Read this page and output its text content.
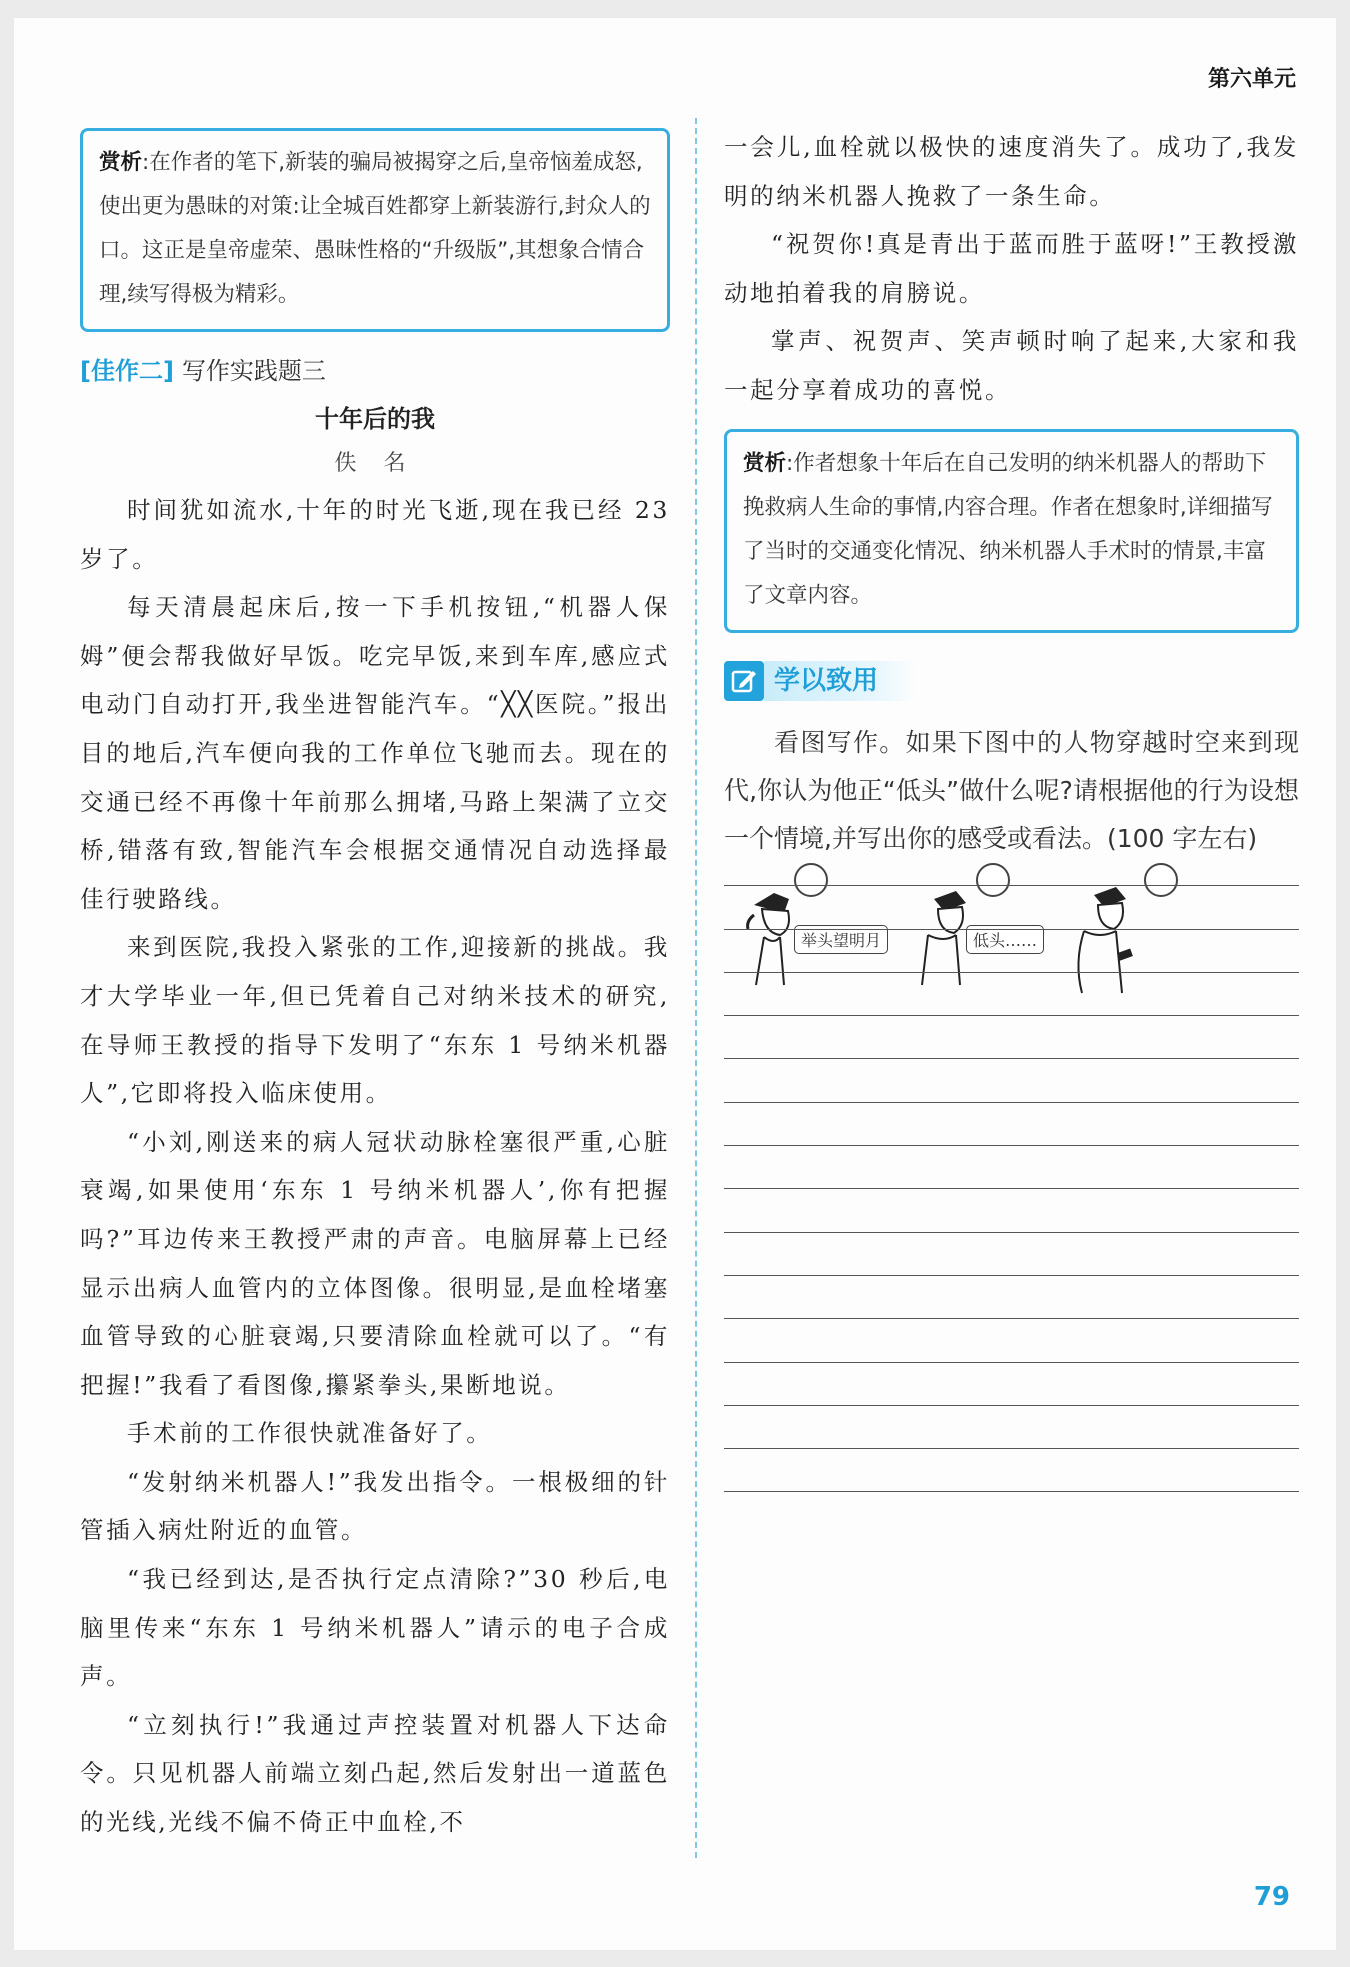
第六单元
赏析:在作者的笔下,新装的骗局被揭穿之后,皇帝恼羞成怒,使出更为愚昧的对策:让全城百姓都穿上新装游行,封众人的口。这正是皇帝虚荣、愚昧性格的“升级版”,其想象合情合理,续写得极为精彩。
[佳作二] 写作实践题三
十年后的我
佚 名

时间犹如流水,十年的时光飞逝,现在我已经 23 岁了。

每天清晨起床后,按一下手机按钮,“机器人保姆”便会帮我做好早饭。吃完早饭,来到车库,感应式电动门自动打开,我坐进智能汽车。“╳╳医院。”报出目的地后,汽车便向我的工作单位飞驰而去。现在的交通已经不再像十年前那么拥堵,马路上架满了立交桥,错落有致,智能汽车会根据交通情况自动选择最佳行驶路线。

来到医院,我投入紧张的工作,迎接新的挑战。我才大学毕业一年,但已凭着自己对纳米技术的研究,在导师王教授的指导下发明了“东东 1 号纳米机器人”,它即将投入临床使用。

“小刘,刚送来的病人冠状动脉栓塞很严重,心脏衰竭,如果使用‘东东 1 号纳米机器人’,你有把握吗?”耳边传来王教授严肃的声音。电脑屏幕上已经显示出病人血管内的立体图像。很明显,是血栓堵塞血管导致的心脏衰竭,只要清除血栓就可以了。“有把握!”我看了看图像,攥紧拳头,果断地说。

手术前的工作很快就准备好了。

“发射纳米机器人!”我发出指令。一根极细的针管插入病灶附近的血管。

“我已经到达,是否执行定点清除?”30 秒后,电脑里传来“东东 1 号纳米机器人”请示的电子合成声。

“立刻执行!”我通过声控装置对机器人下达命令。只见机器人前端立刻凸起,然后发射出一道蓝色的光线,光线不偏不倚正中血栓,不

一会儿,血栓就以极快的速度消失了。成功了,我发明的纳米机器人挽救了一条生命。

“祝贺你!真是青出于蓝而胜于蓝呀!”王教授激动地拍着我的肩膀说。

掌声、祝贺声、笑声顿时响了起来,大家和我一起分享着成功的喜悦。

赏析:作者想象十年后在自己发明的纳米机器人的帮助下挽救病人生命的事情,内容合理。作者在想象时,详细描写了当时的交通变化情况、纳米机器人手术时的情景,丰富了文章内容。
学以致用

看图写作。如果下图中的人物穿越时空来到现代,你认为他正“低头”做什么呢?请根据他的行为设想一个情境,并写出你的感受或看法。(100 字左右)

举头望明月	低头……
79
